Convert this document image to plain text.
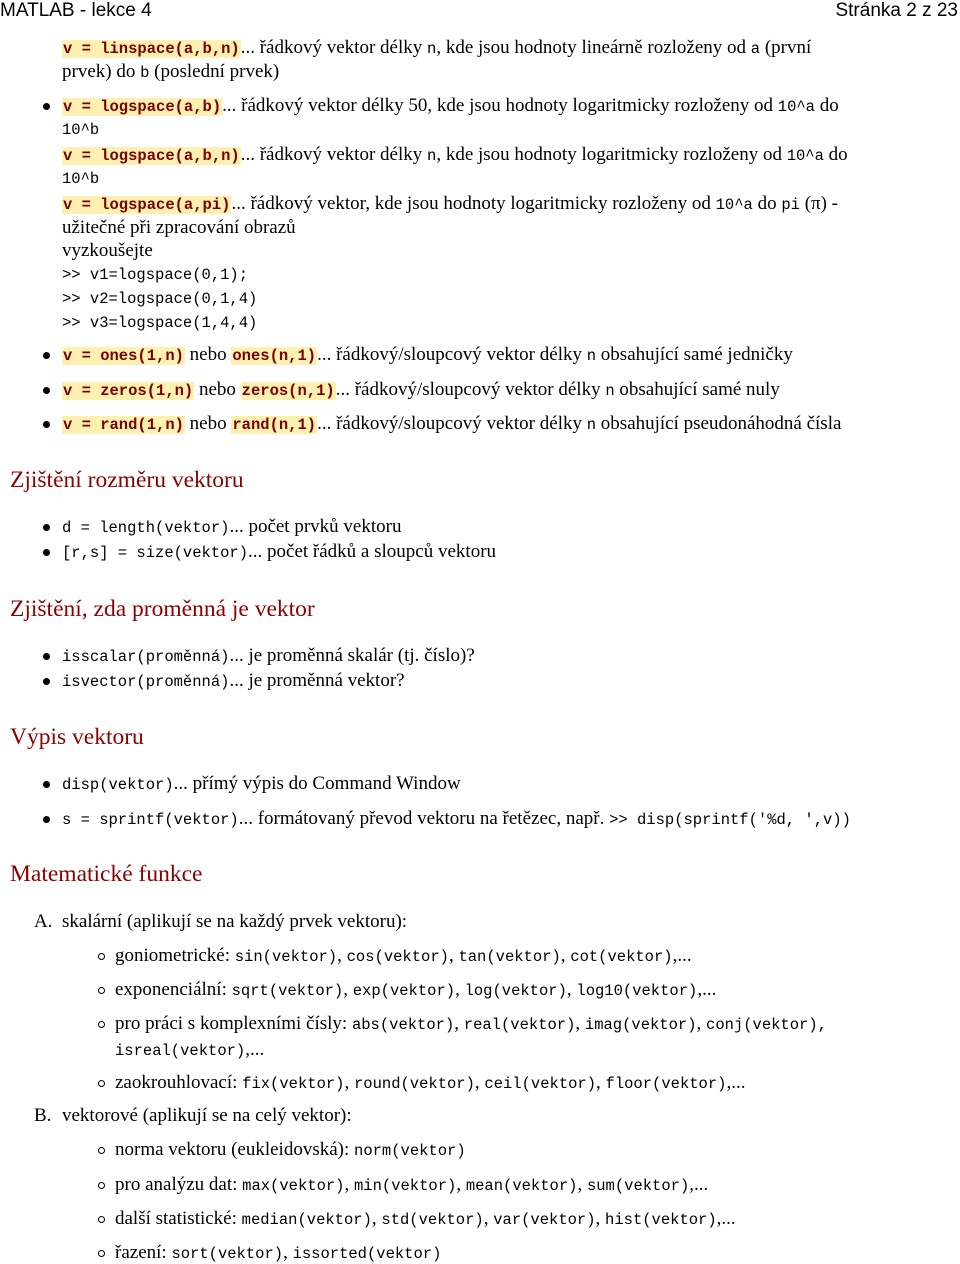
MATLAB - lekce 4	Stránka 2 z 23
v = linspace(a,b,n)... řádkový vektor délky n, kde jsou hodnoty lineárně rozloženy od a (první
prvek) do b (poslední prvek)
v = logspace(a,b)... řádkový vektor délky 50, kde jsou hodnoty logaritmicky rozloženy od 10^a do
10^b
v = logspace(a,b,n)... řádkový vektor délky n, kde jsou hodnoty logaritmicky rozloženy od 10^a do
10^b
v = logspace(a,pi)... řádkový vektor, kde jsou hodnoty logaritmicky rozloženy od 10^a do pi (π) -
užitečné při zpracování obrazů
vyzkoušejte
>> v1=logspace(0,1);
>> v2=logspace(0,1,4)
>> v3=logspace(1,4,4)
v = ones(1,n) nebo ones(n,1)... řádkový/sloupcový vektor délky n obsahující samé jedničky
v = zeros(1,n) nebo zeros(n,1)... řádkový/sloupcový vektor délky n obsahující samé nuly
v = rand(1,n) nebo rand(n,1)... řádkový/sloupcový vektor délky n obsahující pseudonáhodná čísla
Zjištění rozměru vektoru
d = length(vektor)... počet prvků vektoru
[r,s] = size(vektor)... počet řádků a sloupců vektoru
Zjištění, zda proměnná je vektor
isscalar(proměnná)... je proměnná skalár (tj. číslo)?
isvector(proměnná)... je proměnná vektor?
Výpis vektoru
disp(vektor)... přímý výpis do Command Window
s = sprintf(vektor)... formátovaný převod vektoru na řetězec, např. >> disp(sprintf('%d, ',v))
Matematické funkce
A. skalární (aplikují se na každý prvek vektoru):
goniometrické: sin(vektor), cos(vektor), tan(vektor), cot(vektor),...
exponenciální: sqrt(vektor), exp(vektor), log(vektor), log10(vektor),...
pro práci s komplexními čísly: abs(vektor), real(vektor), imag(vektor), conj(vektor),
isreal(vektor),...
zaokrouhlovací: fix(vektor), round(vektor), ceil(vektor), floor(vektor),...
B. vektorové (aplikují se na celý vektor):
norma vektoru (eukleidovská): norm(vektor)
pro analýzu dat: max(vektor), min(vektor), mean(vektor), sum(vektor),...
další statistické: median(vektor), std(vektor), var(vektor), hist(vektor),...
řazení: sort(vektor), issorted(vektor)
